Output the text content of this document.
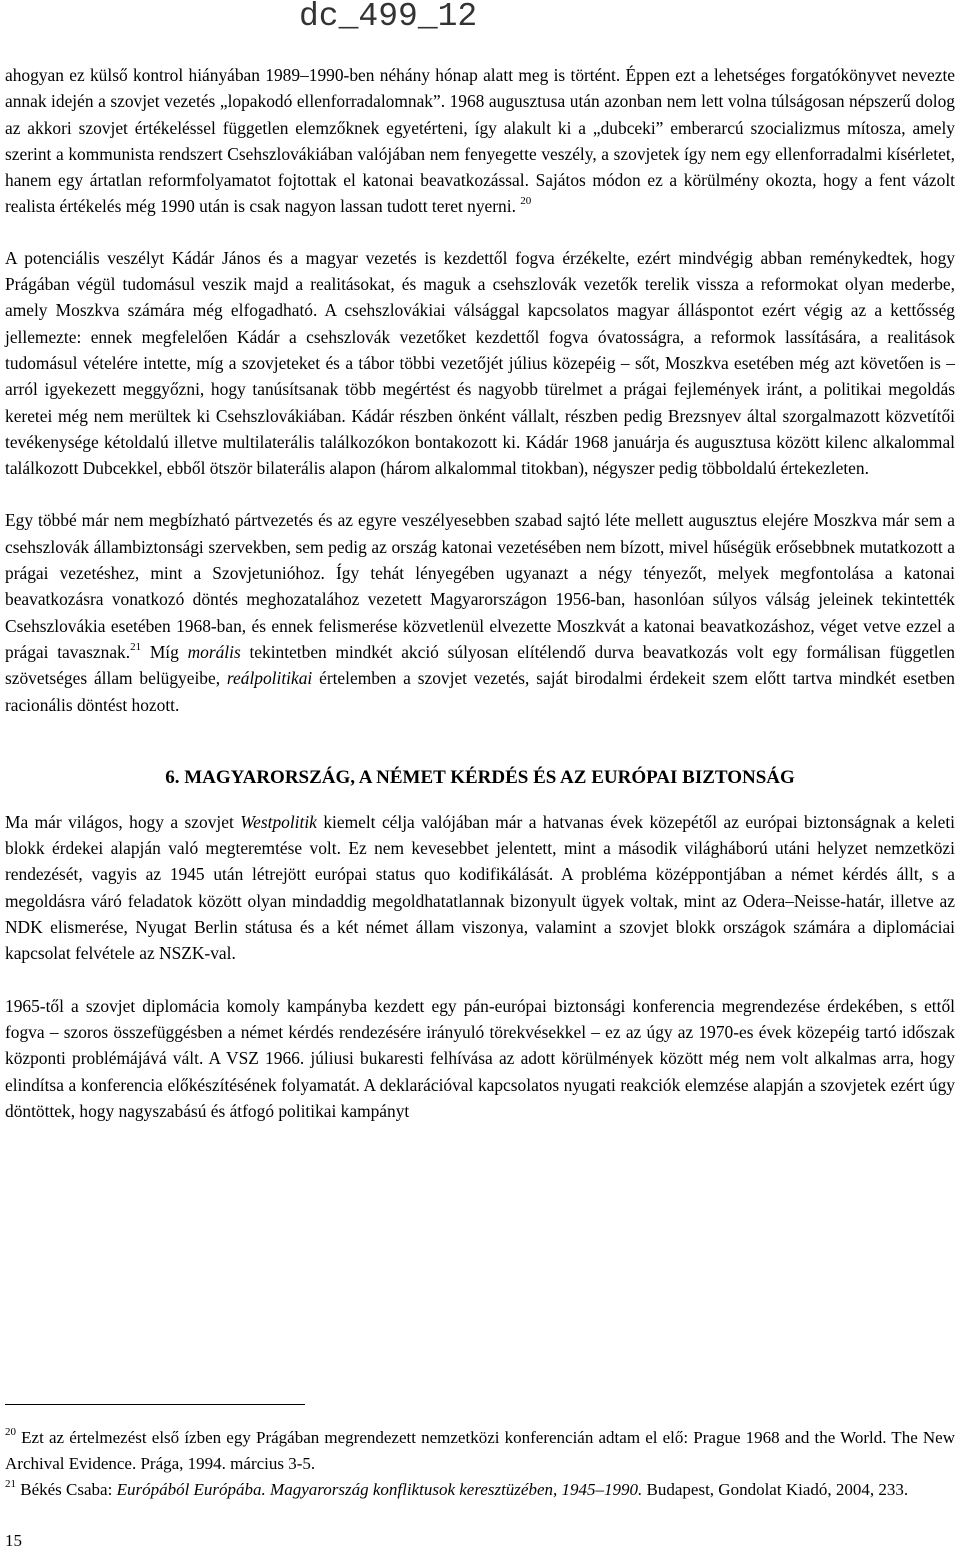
dc_499_12

ahogyan ez külső kontrol hiányában 1989–1990-ben néhány hónap alatt meg is történt. Éppen ezt a lehetséges forgatókönyvet nevezte annak idején a szovjet vezetés „lopakodó ellenforradalomnak”. 1968 augusztusa után azonban nem lett volna túlságosan népszerű dolog az akkori szovjet értékeléssel független elemzőknek egyetérteni, így alakult ki a „dubceki” emberarcú szocializmus mítosza, amely szerint a kommunista rendszert Csehszlovákiában valójában nem fenyegette veszély, a szovjetek így nem egy ellenforradalmi kísérletet, hanem egy ártatlan reformfolyamatot fojtottak el katonai beavatkozással. Sajátos módon ez a körülmény okozta, hogy a fent vázolt realista értékelés még 1990 után is csak nagyon lassan tudott teret nyerni. $^{20}$

A potenciális veszélyt Kádár János és a magyar vezetés is kezdettől fogva érzékelte, ezért mindvégig abban reménykedtek, hogy Prágában végül tudomásul veszik majd a realitásokat, és maguk a csehszlovák vezetők terelik vissza a reformokat olyan mederbe, amely Moszkva számára még elfogadható. A csehszlovákiai válsággal kapcsolatos magyar álláspontot ezért végig az a kettősség jellemezte: ennek megfelelően Kádár a csehszlovák vezetőket kezdettől fogva óvatosságra, a reformok lassítására, a realitások tudomásul vételére intette, míg a szovjeteket és a tábor többi vezetőjét július közepéig – sőt, Moszkva esetében még azt követően is – arról igyekezett meggyőzni, hogy tanúsítsanak több megértést és nagyobb türelmet a prágai fejlemények iránt, a politikai megoldás keretei még nem merültek ki Csehszlovákiában. Kádár részben önként vállalt, részben pedig Brezsnyev által szorgalmazott közvetítői tevékenysége kétoldalú illetve multilaterális találkozókon bontakozott ki. Kádár 1968 januárja és augusztusa között kilenc alkalommal találkozott Dubcekkel, ebből ötször bilaterális alapon (három alkalommal titokban), négyszer pedig többoldalú értekezleten.

Egy többé már nem megbízható pártvezetés és az egyre veszélyesebben szabad sajtó léte mellett augusztus elejére Moszkva már sem a csehszlovák állambiztonsági szervekben, sem pedig az ország katonai vezetésében nem bízott, mivel hűségük erősebbnek mutatkozott a prágai vezetéshez, mint a Szovjetunióhoz. Így tehát lényegében ugyanazt a négy tényezőt, melyek megfontolása a katonai beavatkozásra vonatkozó döntés meghozatalához vezetett Magyarországon 1956-ban, hasonlóan súlyos válság jeleinek tekintették Csehszlovákia esetében 1968-ban, és ennek felismerése közvetlenül elvezette Moszkvát a katonai beavatkozáshoz, véget vetve ezzel a prágai tavasznak.$^{21}$ Míg morális tekintetben mindkét akció súlyosan elítélendő durva beavatkozás volt egy formálisan független szövetséges állam belügyeibe, reálpolitikai értelemben a szovjet vezetés, saját birodalmi érdekeit szem előtt tartva mindkét esetben racionális döntést hozott.

6. MAGYARORSZÁG, A NÉMET KÉRDÉS ÉS AZ EURÓPAI BIZTONSÁG

Ma már világos, hogy a szovjet Westpolitik kiemelt célja valójában már a hatvanas évek közepétől az európai biztonságnak a keleti blokk érdekei alapján való megteremtése volt. Ez nem kevesebbet jelentett, mint a második világháború utáni helyzet nemzetközi rendezését, vagyis az 1945 után létrejött európai status quo kodifikálását. A probléma középpontjában a német kérdés állt, s a megoldásra váró feladatok között olyan mindaddig megoldhatatlannak bizonyult ügyek voltak, mint az Odera–Neisse-határ, illetve az NDK elismerése, Nyugat Berlin státusa és a két német állam viszonya, valamint a szovjet blokk országok számára a diplomáciai kapcsolat felvétele az NSZK-val.

1965-től a szovjet diplomácia komoly kampányba kezdett egy pán-európai biztonsági konferencia megrendezése érdekében, s ettől fogva – szoros összefüggésben a német kérdés rendezésére irányuló törekvésekkel – ez az úgy az 1970-es évek közepéig tartó időszak központi problémájává vált. A VSZ 1966. júliusi bukaresti felhívása az adott körülmények között még nem volt alkalmas arra, hogy elindítsa a konferencia előkészítésének folyamatát. A deklarációval kapcsolatos nyugati reakciók elemzése alapján a szovjetek ezért úgy döntöttek, hogy nagyszabású és átfogó politikai kampányt

$^{20}$ Ezt az értelmezést első ízben egy Prágában megrendezett nemzetközi konferencián adtam el elő: Prague 1968 and the World. The New Archival Evidence. Prága, 1994. március 3-5.

$^{21}$ Békés Csaba: Európából Európába. Magyarország konfliktusok keresztüzében, 1945–1990. Budapest, Gondolat Kiadó, 2004, 233.

15
